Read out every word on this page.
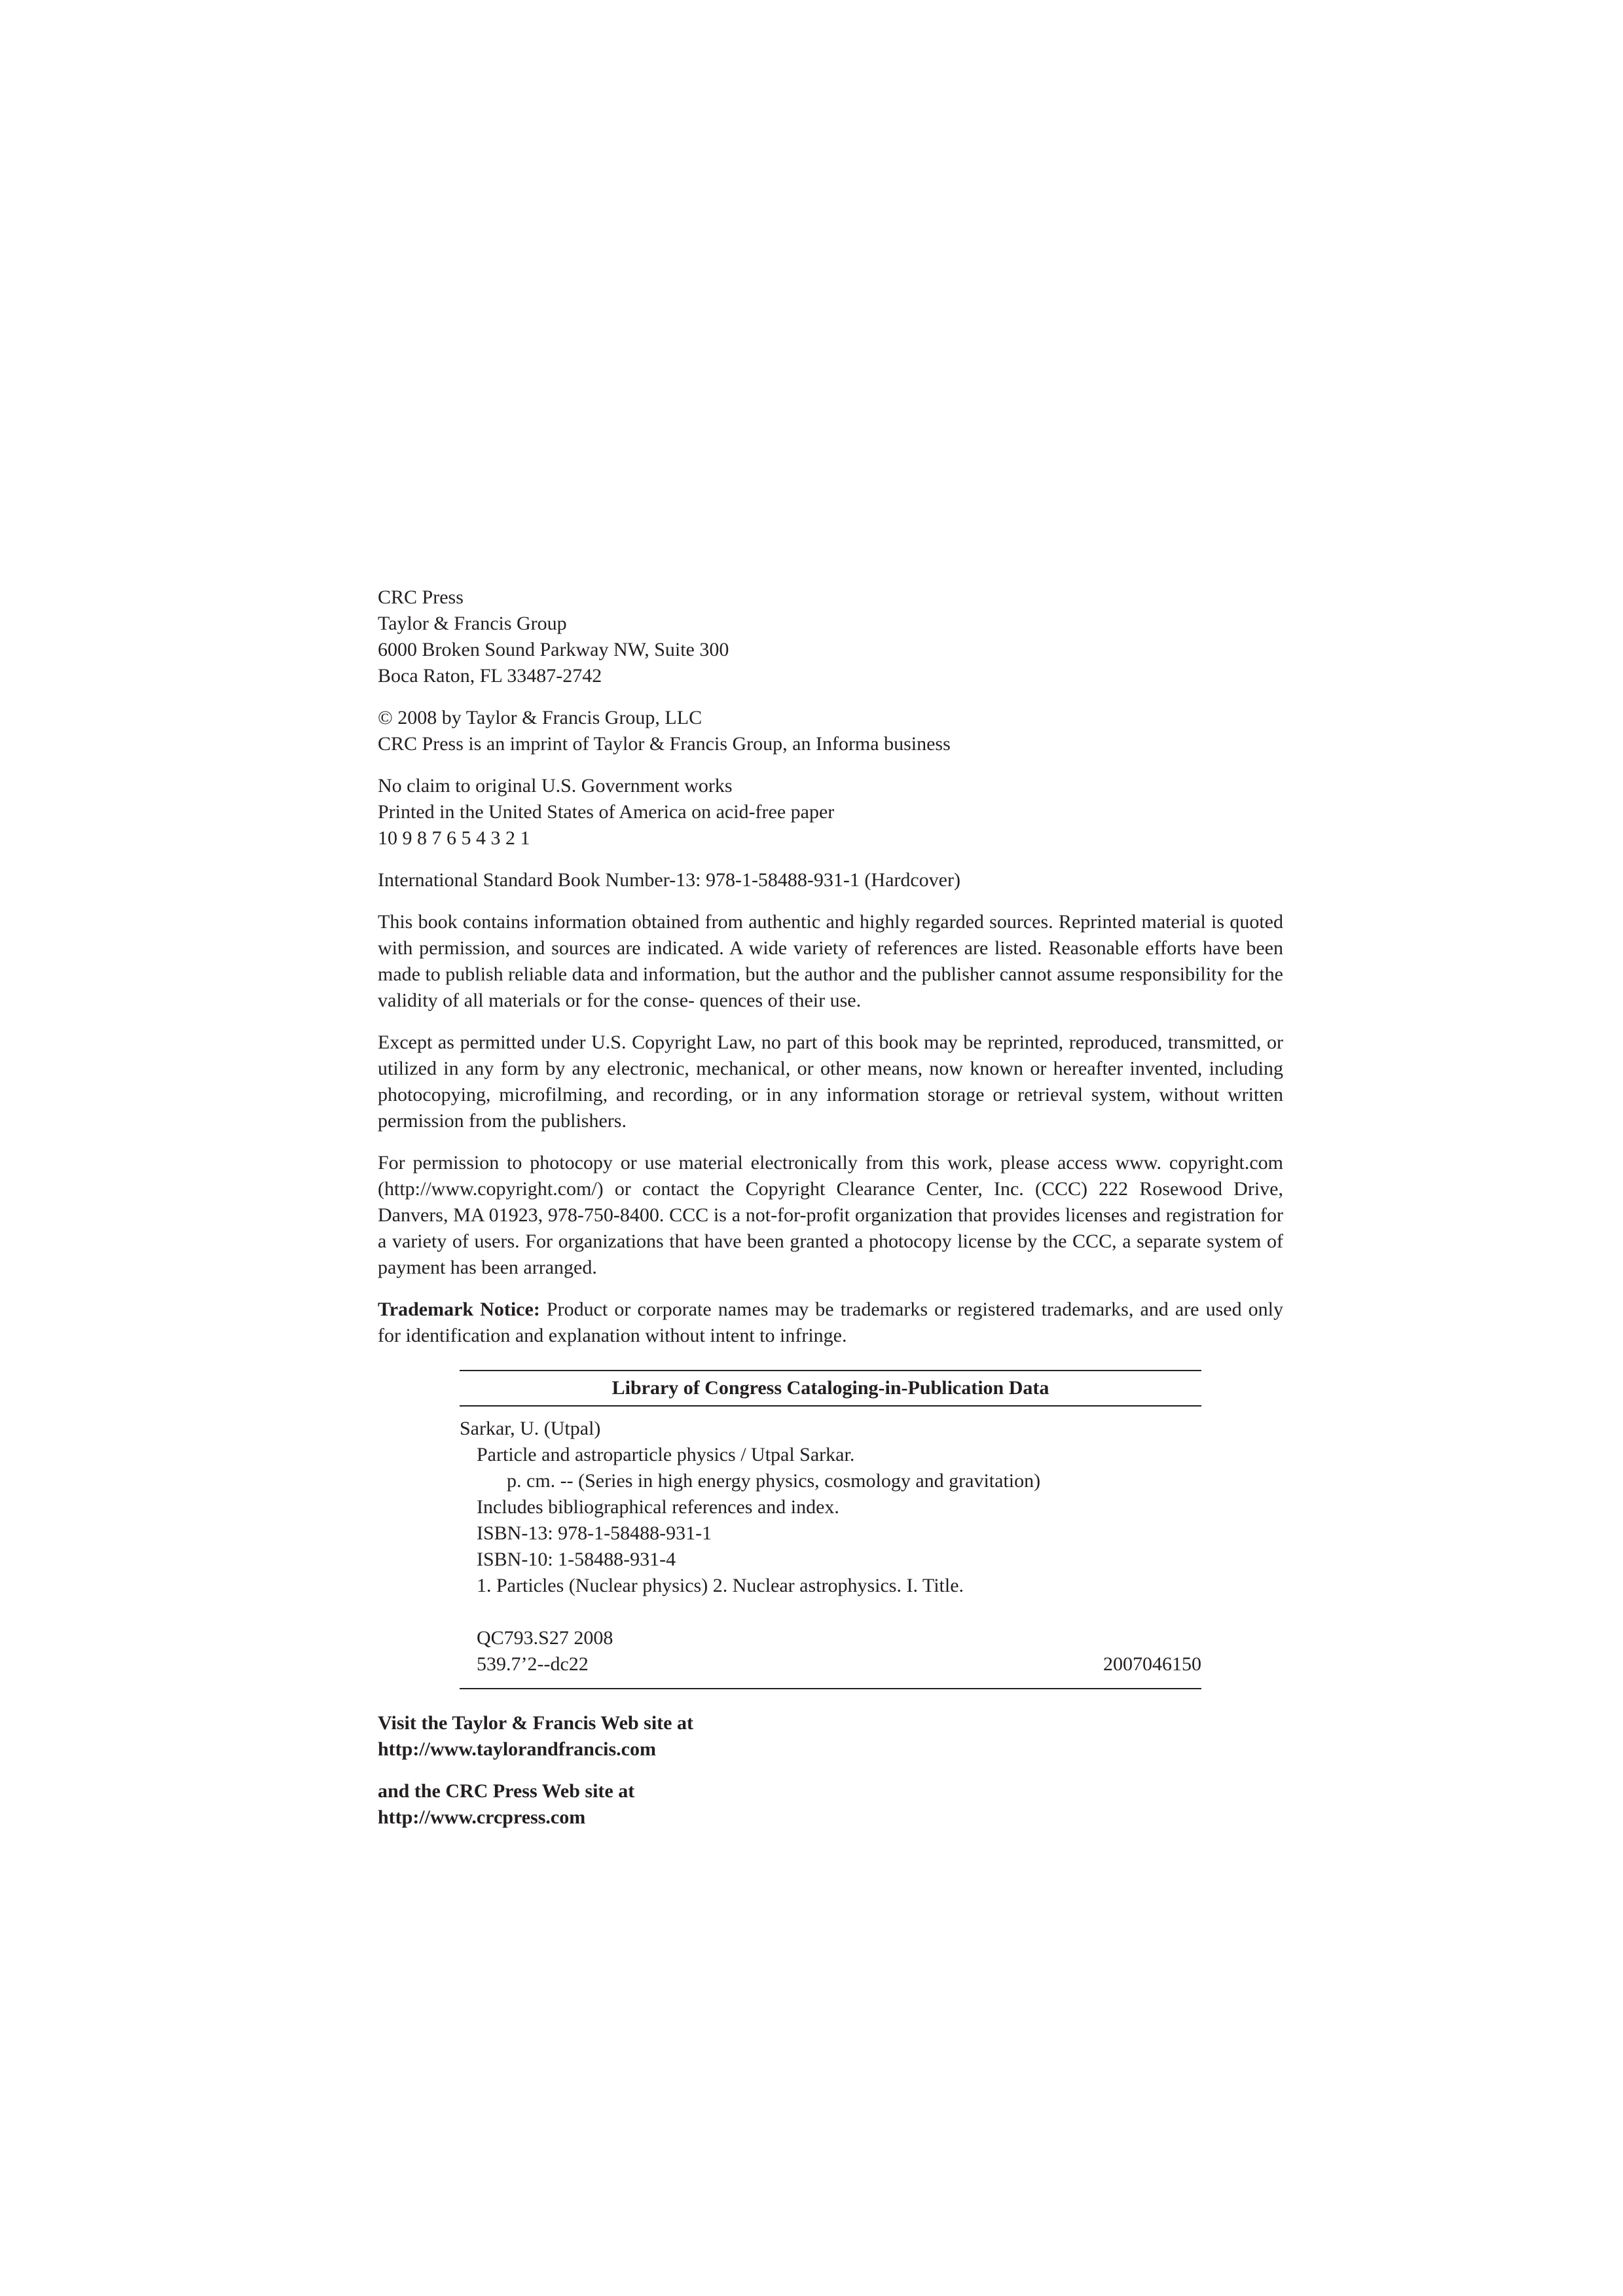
CRC Press
Taylor & Francis Group
6000 Broken Sound Parkway NW, Suite 300
Boca Raton, FL 33487-2742
© 2008 by Taylor & Francis Group, LLC
CRC Press is an imprint of Taylor & Francis Group, an Informa business
No claim to original U.S. Government works
Printed in the United States of America on acid-free paper
10 9 8 7 6 5 4 3 2 1
International Standard Book Number-13: 978-1-58488-931-1 (Hardcover)

This book contains information obtained from authentic and highly regarded sources. Reprinted material is quoted with permission, and sources are indicated. A wide variety of references are listed. Reasonable efforts have been made to publish reliable data and information, but the author and the publisher cannot assume responsibility for the validity of all materials or for the conse- quences of their use.

Except as permitted under U.S. Copyright Law, no part of this book may be reprinted, reproduced, transmitted, or utilized in any form by any electronic, mechanical, or other means, now known or hereafter invented, including photocopying, microfilming, and recording, or in any information storage or retrieval system, without written permission from the publishers.

For permission to photocopy or use material electronically from this work, please access www. copyright.com (http://www.copyright.com/) or contact the Copyright Clearance Center, Inc. (CCC) 222 Rosewood Drive, Danvers, MA 01923, 978-750-8400. CCC is a not-for-profit organization that provides licenses and registration for a variety of users. For organizations that have been granted a photocopy license by the CCC, a separate system of payment has been arranged.

Trademark Notice: Product or corporate names may be trademarks or registered trademarks, and are used only for identification and explanation without intent to infringe.

Library of Congress Cataloging-in-Publication Data
Sarkar, U. (Utpal)
Particle and astroparticle physics / Utpal Sarkar.
p. cm. -- (Series in high energy physics, cosmology and gravitation)
Includes bibliographical references and index.
ISBN-13: 978-1-58488-931-1
ISBN-10: 1-58488-931-4
1. Particles (Nuclear physics) 2. Nuclear astrophysics. I. Title.
QC793.S27 2008
539.7’2--dc22	2007046150
Visit the Taylor & Francis Web site at
http://www.taylorandfrancis.com
and the CRC Press Web site at
http://www.crcpress.com
